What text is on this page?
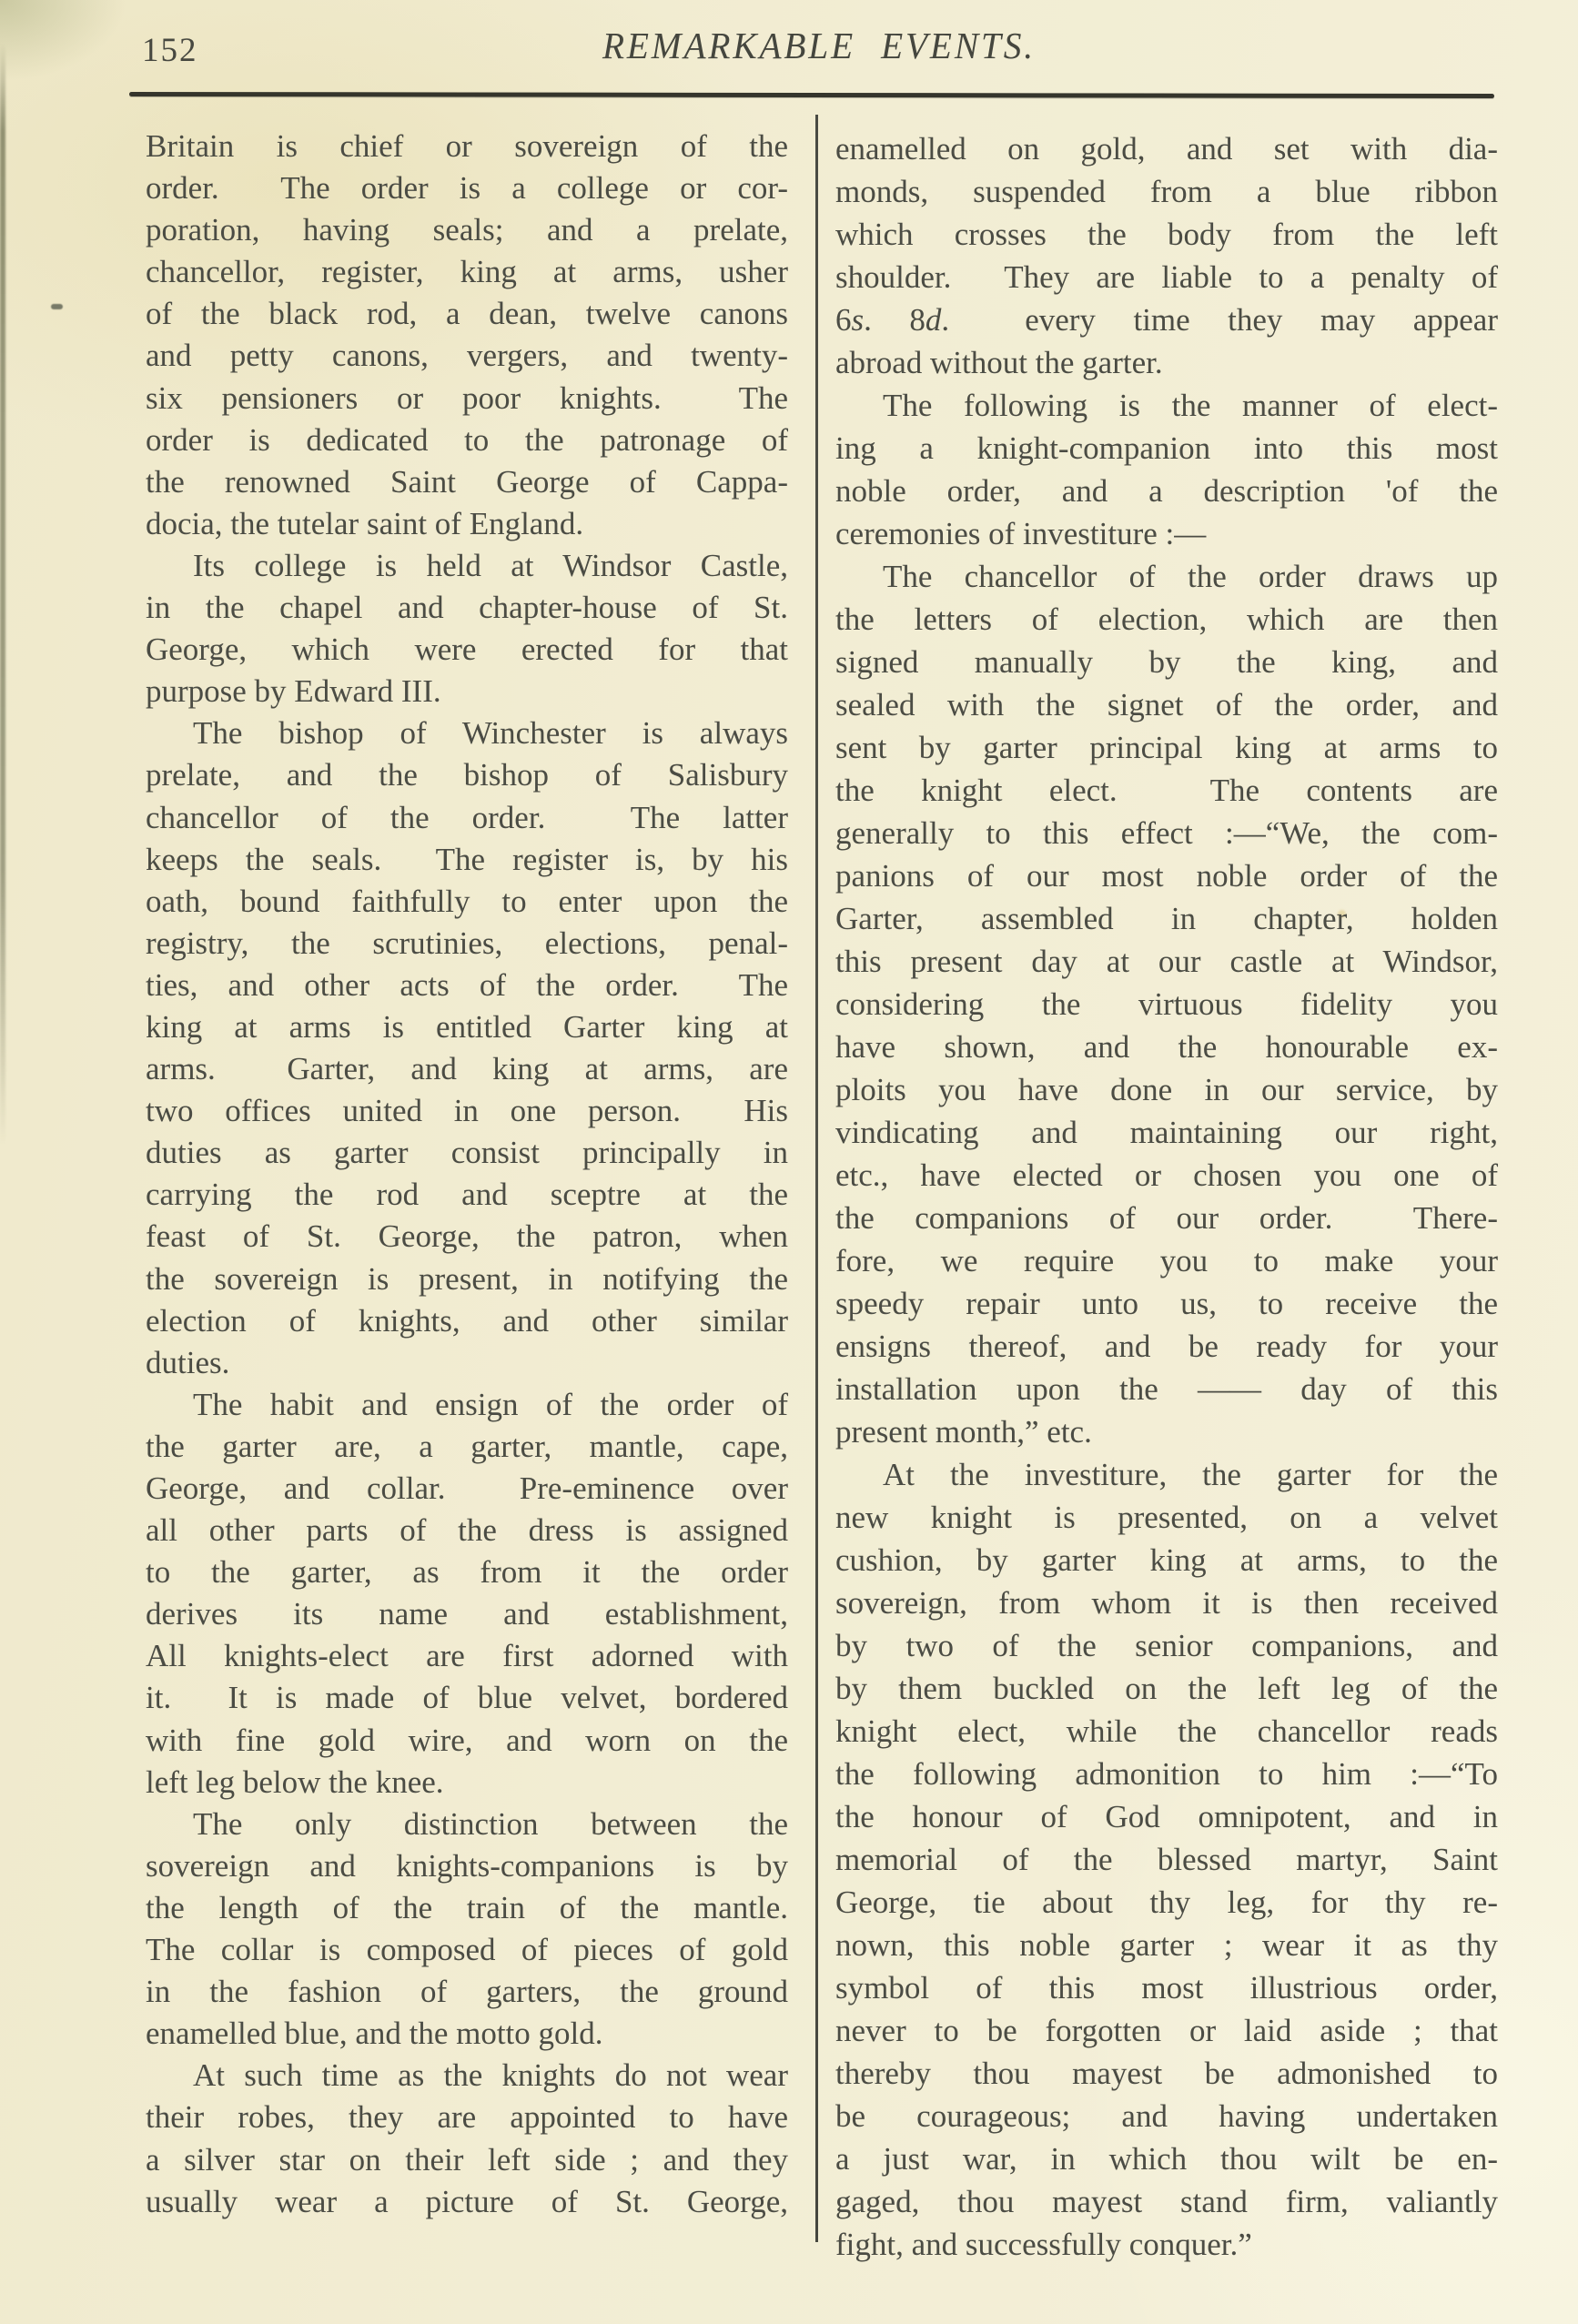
152	REMARKABLE EVENTS.
Britain is chief or sovereign of the
order.  The order is a college or cor-
poration, having seals; and a prelate,
chancellor, register, king at arms, usher
of the black rod, a dean, twelve canons
and petty canons, vergers, and twenty-
six pensioners or poor knights.  The
order is dedicated to the patronage of
the renowned Saint George of Cappa-
docia, the tutelar saint of England.
Its college is held at Windsor Castle,
in the chapel and chapter-house of St.
George, which were erected for that
purpose by Edward III.
The bishop of Winchester is always
prelate, and the bishop of Salisbury
chancellor of the order.  The latter
keeps the seals.  The register is, by his
oath, bound faithfully to enter upon the
registry, the scrutinies, elections, penal-
ties, and other acts of the order.  The
king at arms is entitled Garter king at
arms.  Garter, and king at arms, are
two offices united in one person.  His
duties as garter consist principally in
carrying the rod and sceptre at the
feast of St. George, the patron, when
the sovereign is present, in notifying the
election of knights, and other similar
duties.
The habit and ensign of the order of
the garter are, a garter, mantle, cape,
George, and collar.  Pre-eminence over
all other parts of the dress is assigned
to the garter, as from it the order
derives its name and establishment,
All knights-elect are first adorned with
it.  It is made of blue velvet, bordered
with fine gold wire, and worn on the
left leg below the knee.
The only distinction between the
sovereign and knights-companions is by
the length of the train of the mantle.
The collar is composed of pieces of gold
in the fashion of garters, the ground
enamelled blue, and the motto gold.
At such time as the knights do not wear
their robes, they are appointed to have
a silver star on their left side ; and they
usually wear a picture of St. George,
enamelled on gold, and set with dia-
monds, suspended from a blue ribbon
which crosses the body from the left
shoulder.  They are liable to a penalty of
6s. 8d.  every time they may appear
abroad without the garter.
The following is the manner of elect-
ing a knight-companion into this most
noble order, and a description 'of the
ceremonies of investiture :—
The chancellor of the order draws up
the letters of election, which are then
signed manually by the king, and
sealed with the signet of the order, and
sent by garter principal king at arms to
the knight elect.  The contents are
generally to this effect :—“We, the com-
panions of our most noble order of the
Garter, assembled in chapter, holden
this present day at our castle at Windsor,
considering the virtuous fidelity you
have shown, and the honourable ex-
ploits you have done in our service, by
vindicating and maintaining our right,
etc., have elected or chosen you one of
the companions of our order.  There-
fore, we require you to make your
speedy repair unto us, to receive the
ensigns thereof, and be ready for your
installation upon the —— day of this
present month,” etc.
At the investiture, the garter for the
new knight is presented, on a velvet
cushion, by garter king at arms, to the
sovereign, from whom it is then received
by two of the senior companions, and
by them buckled on the left leg of the
knight elect, while the chancellor reads
the following admonition to him :—“To
the honour of God omnipotent, and in
memorial of the blessed martyr, Saint
George, tie about thy leg, for thy re-
nown, this noble garter ; wear it as thy
symbol of this most illustrious order,
never to be forgotten or laid aside ; that
thereby thou mayest be admonished to
be courageous; and having undertaken
a just war, in which thou wilt be en-
gaged, thou mayest stand firm, valiantly
fight, and successfully conquer.”
